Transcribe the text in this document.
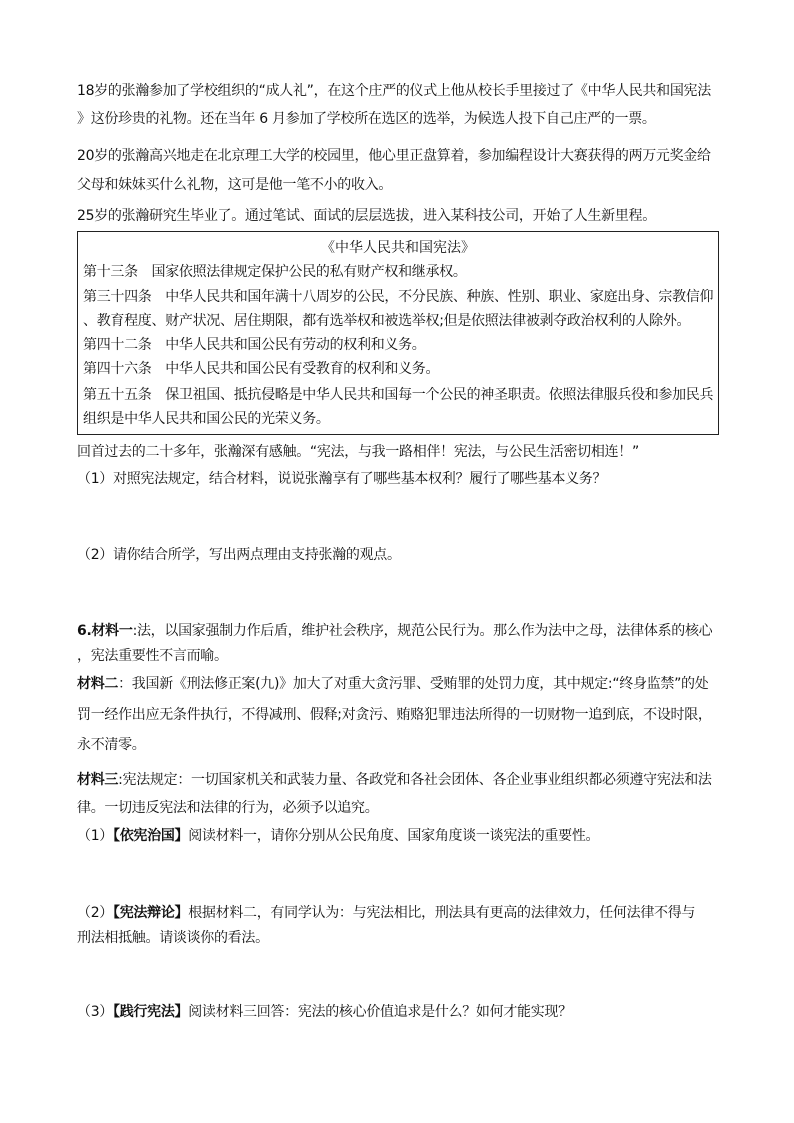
18岁的张瀚参加了学校组织的“成人礼”，在这个庄严的仪式上他从校长手里接过了《中华人民共和国宪法
》这份珍贵的礼物。还在当年 6 月参加了学校所在选区的选举，为候选人投下自己庄严的一票。
20岁的张瀚高兴地走在北京理工大学的校园里，他心里正盘算着，参加编程设计大赛获得的两万元奖金给
父母和妹妹买什么礼物，这可是他一笔不小的收入。
25岁的张瀚研究生毕业了。通过笔试、面试的层层选拔，进入某科技公司，开始了人生新里程。
《中华人民共和国宪法》
第十三条　国家依照法律规定保护公民的私有财产权和继承权。
第三十四条　中华人民共和国年满十八周岁的公民，不分民族、种族、性别、职业、家庭出身、宗教信仰
、教育程度、财产状况、居住期限，都有选举权和被选举权;但是依照法律被剥夺政治权利的人除外。
第四十二条　中华人民共和国公民有劳动的权利和义务。
第四十六条　中华人民共和国公民有受教育的权利和义务。
第五十五条　保卫祖国、抵抗侵略是中华人民共和国每一个公民的神圣职责。依照法律服兵役和参加民兵
组织是中华人民共和国公民的光荣义务。
回首过去的二十多年，张瀚深有感触。“宪法，与我一路相伴！宪法，与公民生活密切相连！”
（1）对照宪法规定，结合材料，说说张瀚享有了哪些基本权利？履行了哪些基本义务？
（2）请你结合所学，写出两点理由支持张瀚的观点。
6.材料一:法，以国家强制力作后盾，维护社会秩序，规范公民行为。那么作为法中之母，法律体系的核心
，宪法重要性不言而喻。
材料二：我国新《刑法修正案(九)》加大了对重大贪污罪、受贿罪的处罚力度，其中规定:“终身监禁”的处
罚一经作出应无条件执行，不得减刑、假释;对贪污、贿赂犯罪违法所得的一切财物一追到底，不设时限，
永不清零。
材料三:宪法规定：一切国家机关和武装力量、各政党和各社会团体、各企业事业组织都必须遵守宪法和法
律。一切违反宪法和法律的行为，必须予以追究。
（1）【依宪治国】阅读材料一，请你分别从公民角度、国家角度谈一谈宪法的重要性。
（2）【宪法辩论】根据材料二，有同学认为：与宪法相比，刑法具有更高的法律效力，任何法律不得与
刑法相抵触。请谈谈你的看法。
（3）【践行宪法】阅读材料三回答：宪法的核心价值追求是什么？如何才能实现？
